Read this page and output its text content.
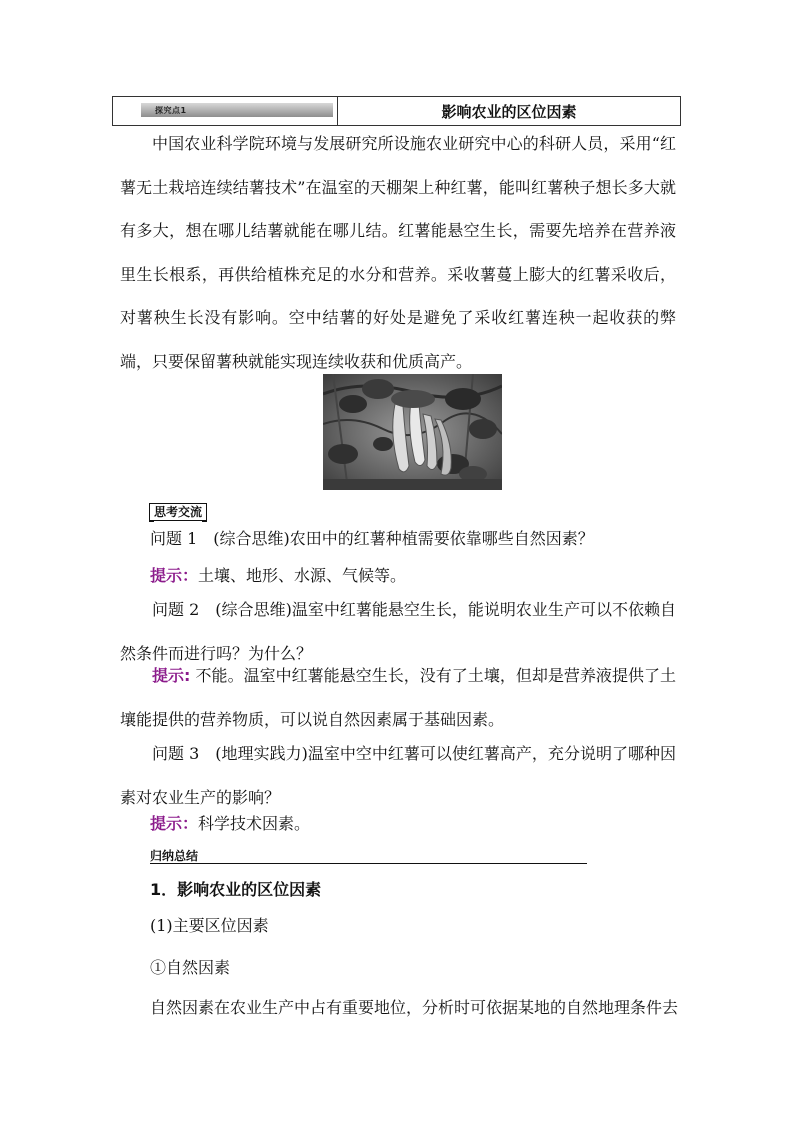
探究点1	影响农业的区位因素

中国农业科学院环境与发展研究所设施农业研究中心的科研人员，采用“红薯无土栽培连续结薯技术”在温室的天棚架上种红薯，能叫红薯秧子想长多大就有多大，想在哪儿结薯就能在哪儿结。红薯能悬空生长，需要先培养在营养液里生长根系，再供给植株充足的水分和营养。采收薯蔓上膨大的红薯采收后，对薯秧生长没有影响。空中结薯的好处是避免了采收红薯连秧一起收获的弊端，只要保留薯秧就能实现连续收获和优质高产。

思考交流
问题 1　(综合思维)农田中的红薯种植需要依靠哪些自然因素？
提示：土壤、地形、水源、气候等。

问题 2　(综合思维)温室中红薯能悬空生长，能说明农业生产可以不依赖自然条件而进行吗？为什么？

提示: 不能。温室中红薯能悬空生长，没有了土壤，但却是营养液提供了土壤能提供的营养物质，可以说自然因素属于基础因素。

问题 3　(地理实践力)温室中空中红薯可以使红薯高产，充分说明了哪种因素对农业生产的影响？

提示：科学技术因素。
归纳总结
1．影响农业的区位因素
(1)主要区位因素
①自然因素
自然因素在农业生产中占有重要地位，分析时可依据某地的自然地理条件去
